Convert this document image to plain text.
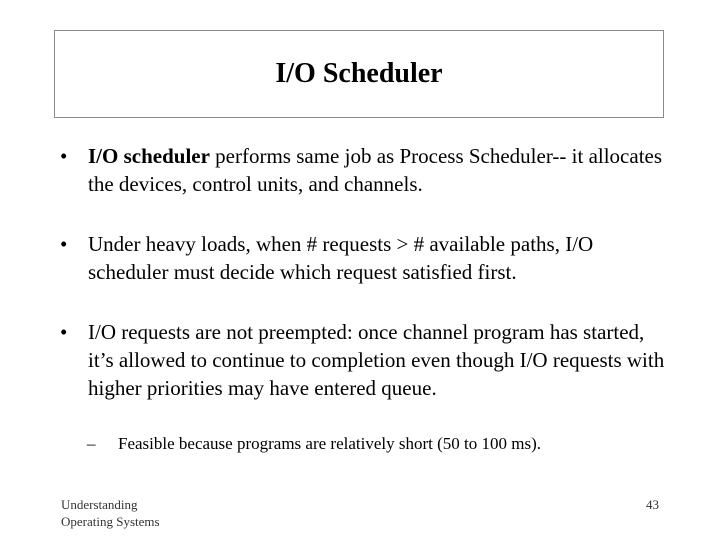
I/O Scheduler
• I/O scheduler performs same job as Process Scheduler-- it allocates the devices, control units, and channels.
• Under heavy loads, when # requests > # available paths, I/O scheduler must decide which request satisfied first.
• I/O requests are not preempted: once channel program has started, it’s allowed to continue to completion even though I/O requests with higher priorities may have entered queue.
– Feasible because programs are relatively short (50 to 100 ms).
Understanding
Operating Systems
43
